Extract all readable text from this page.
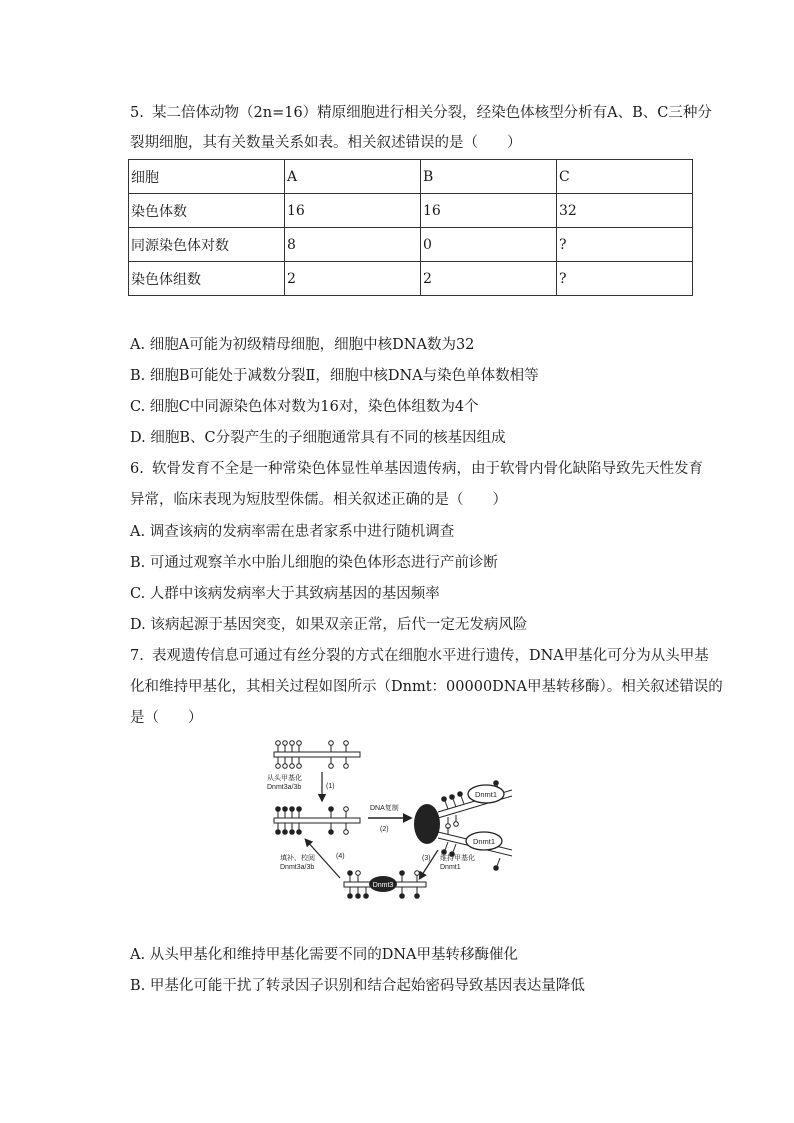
5. 某二倍体动物（2n=16）精原细胞进行相关分裂，经染色体核型分析有A、B、C三种分
裂期细胞，其有关数量关系如表。相关叙述错误的是（　　）
细胞	A	B	C
染色体数	16	16	32
同源染色体对数	8	0	?
染色体组数	2	2	?
A. 细胞A可能为初级精母细胞，细胞中核DNA数为32
B. 细胞B可能处于减数分裂Ⅱ，细胞中核DNA与染色单体数相等
C. 细胞C中同源染色体对数为16对，染色体组数为4个
D. 细胞B、C分裂产生的子细胞通常具有不同的核基因组成
6. 软骨发育不全是一种常染色体显性单基因遗传病，由于软骨内骨化缺陷导致先天性发育
异常，临床表现为短肢型侏儒。相关叙述正确的是（　　）
A. 调查该病的发病率需在患者家系中进行随机调查
B. 可通过观察羊水中胎儿细胞的染色体形态进行产前诊断
C. 人群中该病发病率大于其致病基因的基因频率
D. 该病起源于基因突变，如果双亲正常，后代一定无发病风险
7. 表观遗传信息可通过有丝分裂的方式在细胞水平进行遗传，DNA甲基化可分为从头甲基
化和维持甲基化，其相关过程如图所示（Dnmt：00000DNA甲基转移酶）。相关叙述错误的
是（　　）
从头甲基化
Dnmt3a/3b	(1)
DNA复制
(2)
Dnmt1
Dnmt1
(3) 维持甲基化
Dnmt1
Dnmt3
填补、校阅
Dnmt3a/3b
(4)
A. 从头甲基化和维持甲基化需要不同的DNA甲基转移酶催化
B. 甲基化可能干扰了转录因子识别和结合起始密码导致基因表达量降低
